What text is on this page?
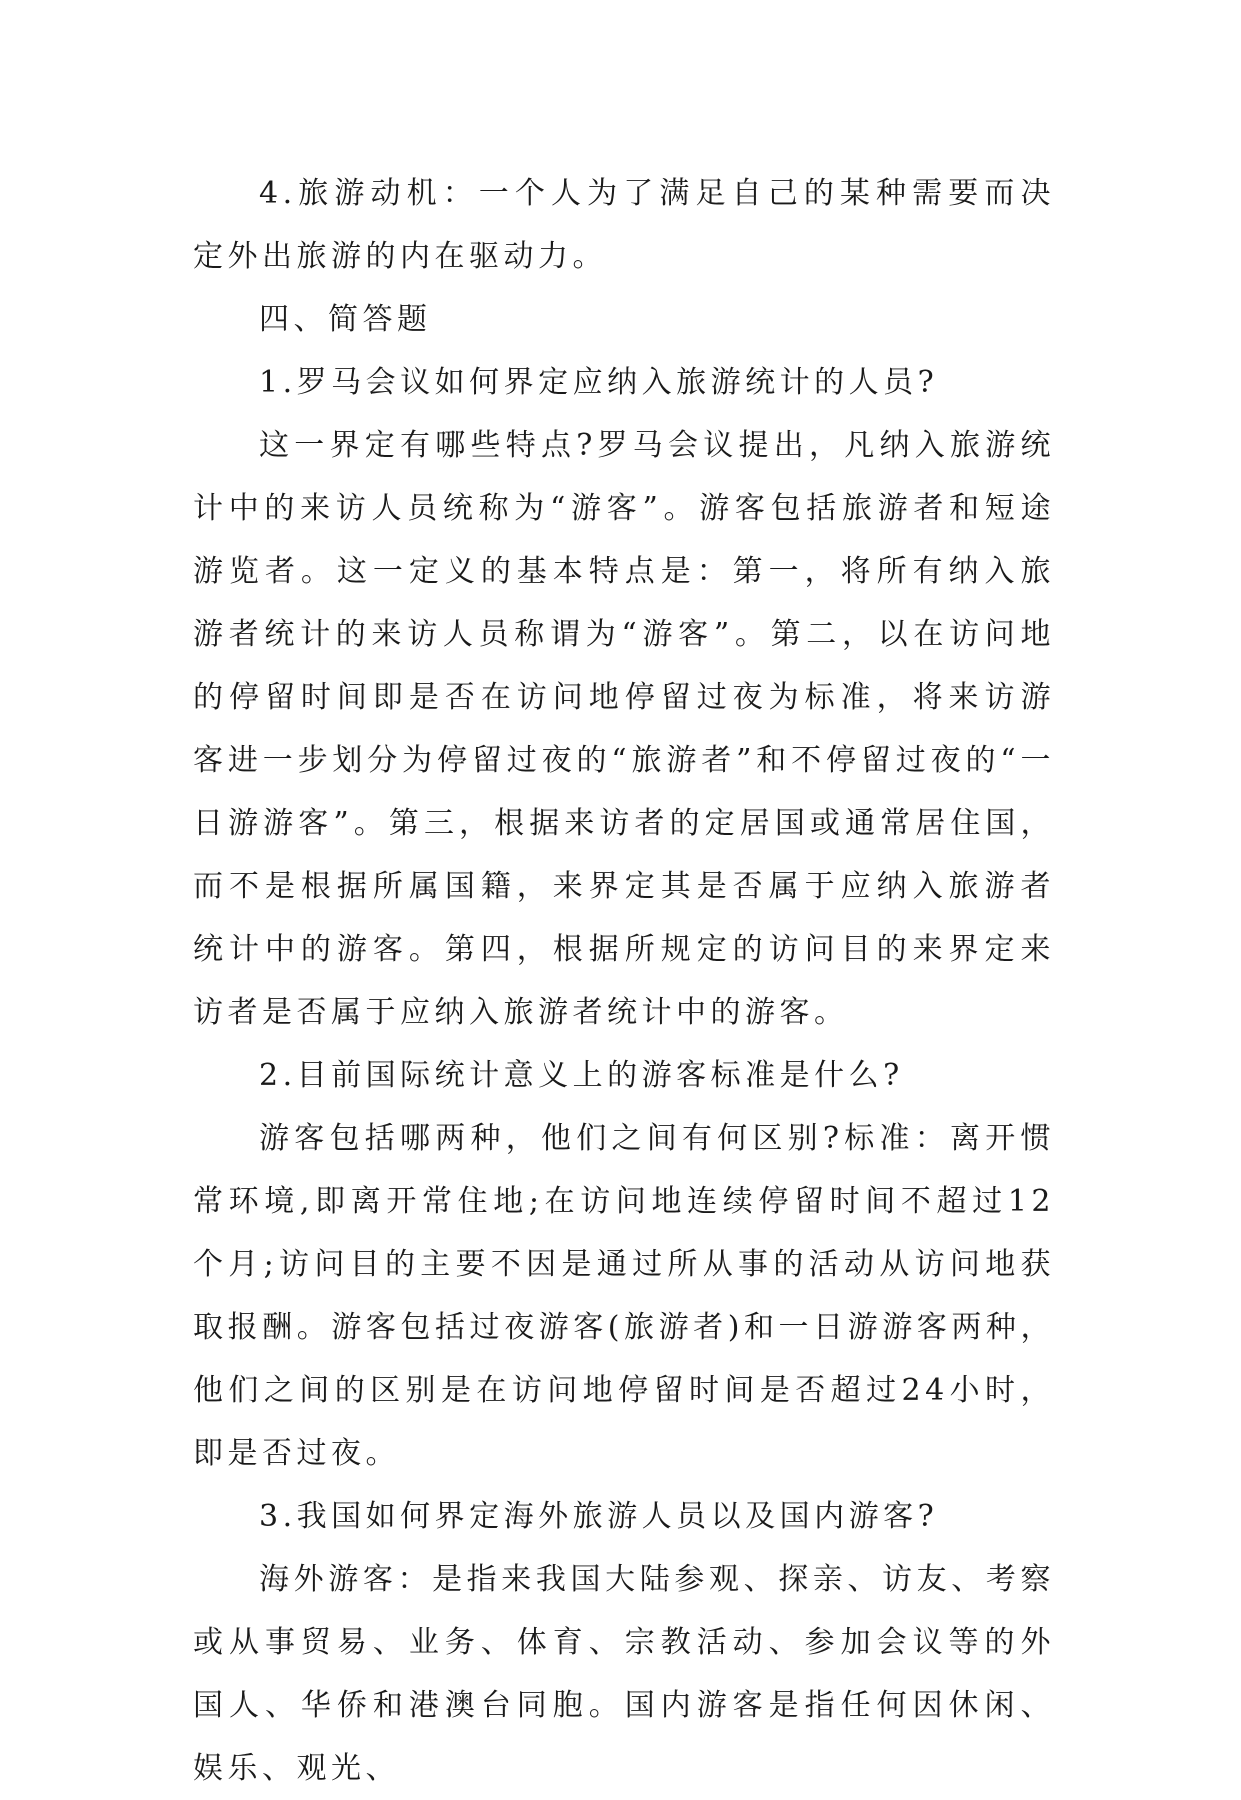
4.旅游动机：一个人为了满足自己的某种需要而决定外出旅游的内在驱动力。

四、简答题

1.罗马会议如何界定应纳入旅游统计的人员?

这一界定有哪些特点?罗马会议提出，凡纳入旅游统计中的来访人员统称为“游客”。游客包括旅游者和短途游览者。这一定义的基本特点是：第一，将所有纳入旅游者统计的来访人员称谓为“游客”。第二，以在访问地的停留时间即是否在访问地停留过夜为标准，将来访游客进一步划分为停留过夜的“旅游者”和不停留过夜的“一日游游客”。第三，根据来访者的定居国或通常居住国，而不是根据所属国籍，来界定其是否属于应纳入旅游者统计中的游客。第四，根据所规定的访问目的来界定来访者是否属于应纳入旅游者统计中的游客。

2.目前国际统计意义上的游客标准是什么?

游客包括哪两种，他们之间有何区别?标准：离开惯常环境,即离开常住地;在访问地连续停留时间不超过12个月;访问目的主要不因是通过所从事的活动从访问地获取报酬。游客包括过夜游客(旅游者)和一日游游客两种，他们之间的区别是在访问地停留时间是否超过24小时，即是否过夜。

3.我国如何界定海外旅游人员以及国内游客?

海外游客：是指来我国大陆参观、探亲、访友、考察或从事贸易、业务、体育、宗教活动、参加会议等的外国人、华侨和港澳台同胞。国内游客是指任何因休闲、娱乐、观光、
